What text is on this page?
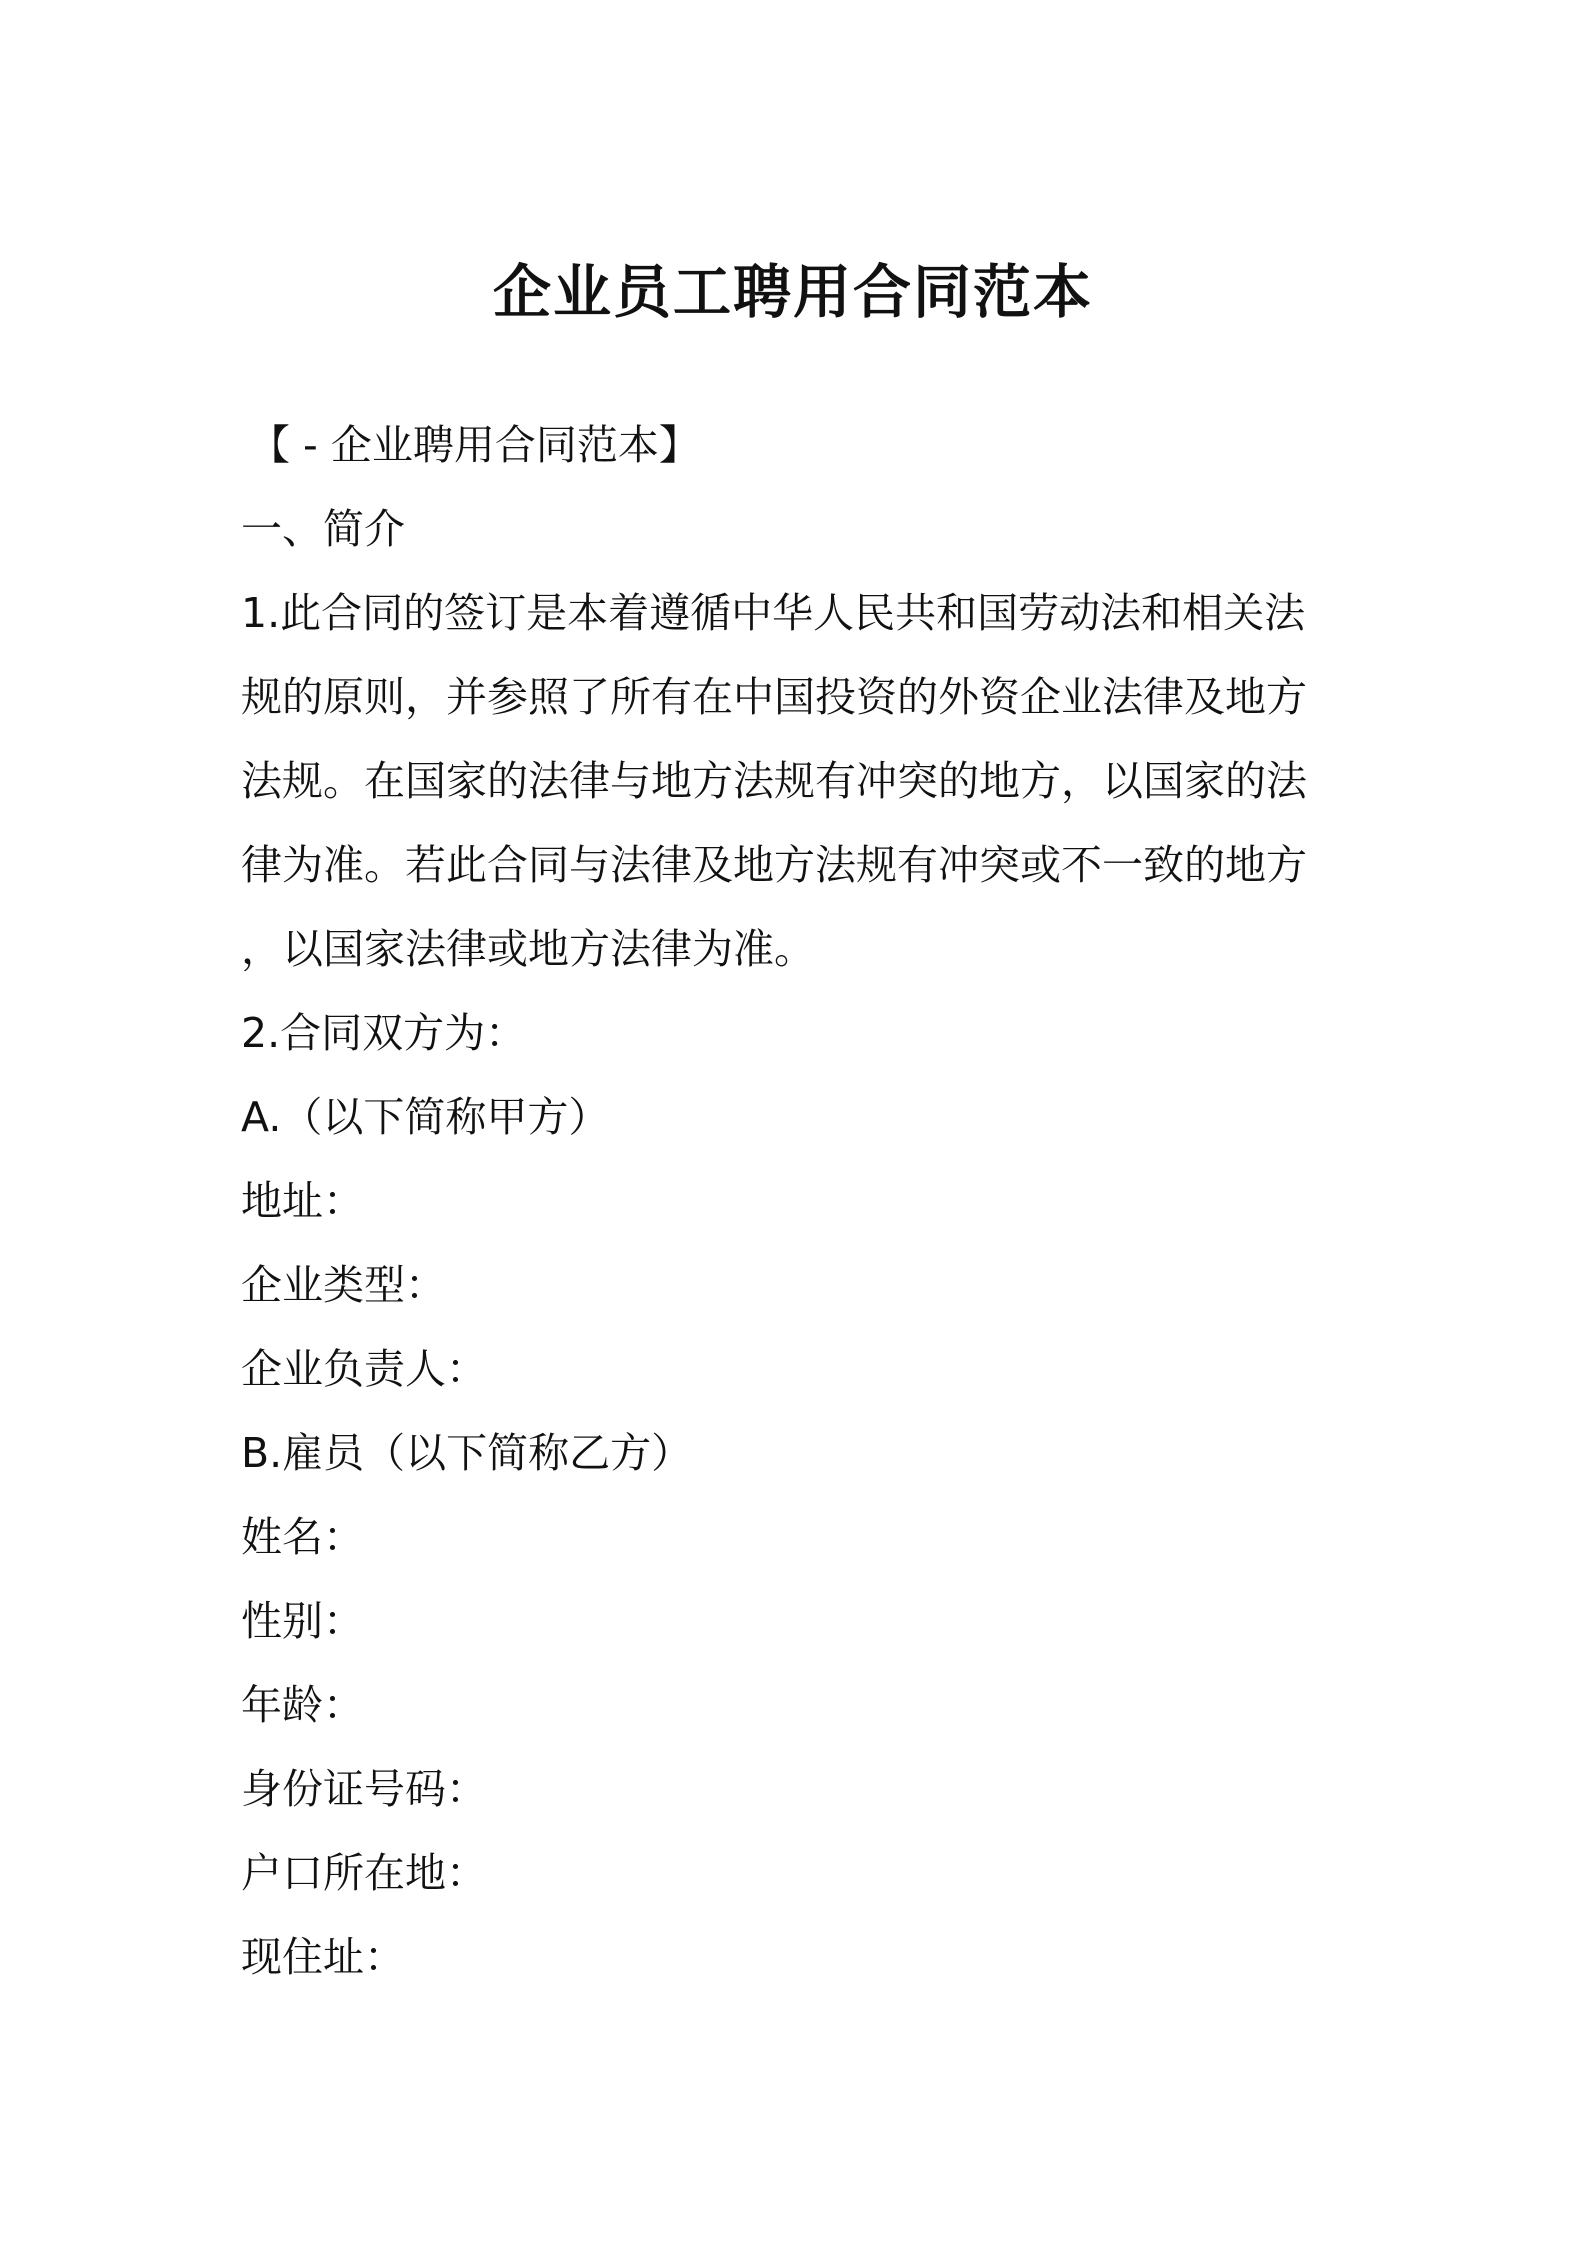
企业员工聘用合同范本
【 - 企业聘用合同范本】
一、简介
1.此合同的签订是本着遵循中华人民共和国劳动法和相关法
规的原则，并参照了所有在中国投资的外资企业法律及地方
法规。在国家的法律与地方法规有冲突的地方，以国家的法
律为准。若此合同与法律及地方法规有冲突或不一致的地方
，以国家法律或地方法律为准。
2.合同双方为：
A.（以下简称甲方）
地址：
企业类型：
企业负责人：
B.雇员（以下简称乙方）
姓名：
性别：
年龄：
身份证号码：
户口所在地：
现住址：
